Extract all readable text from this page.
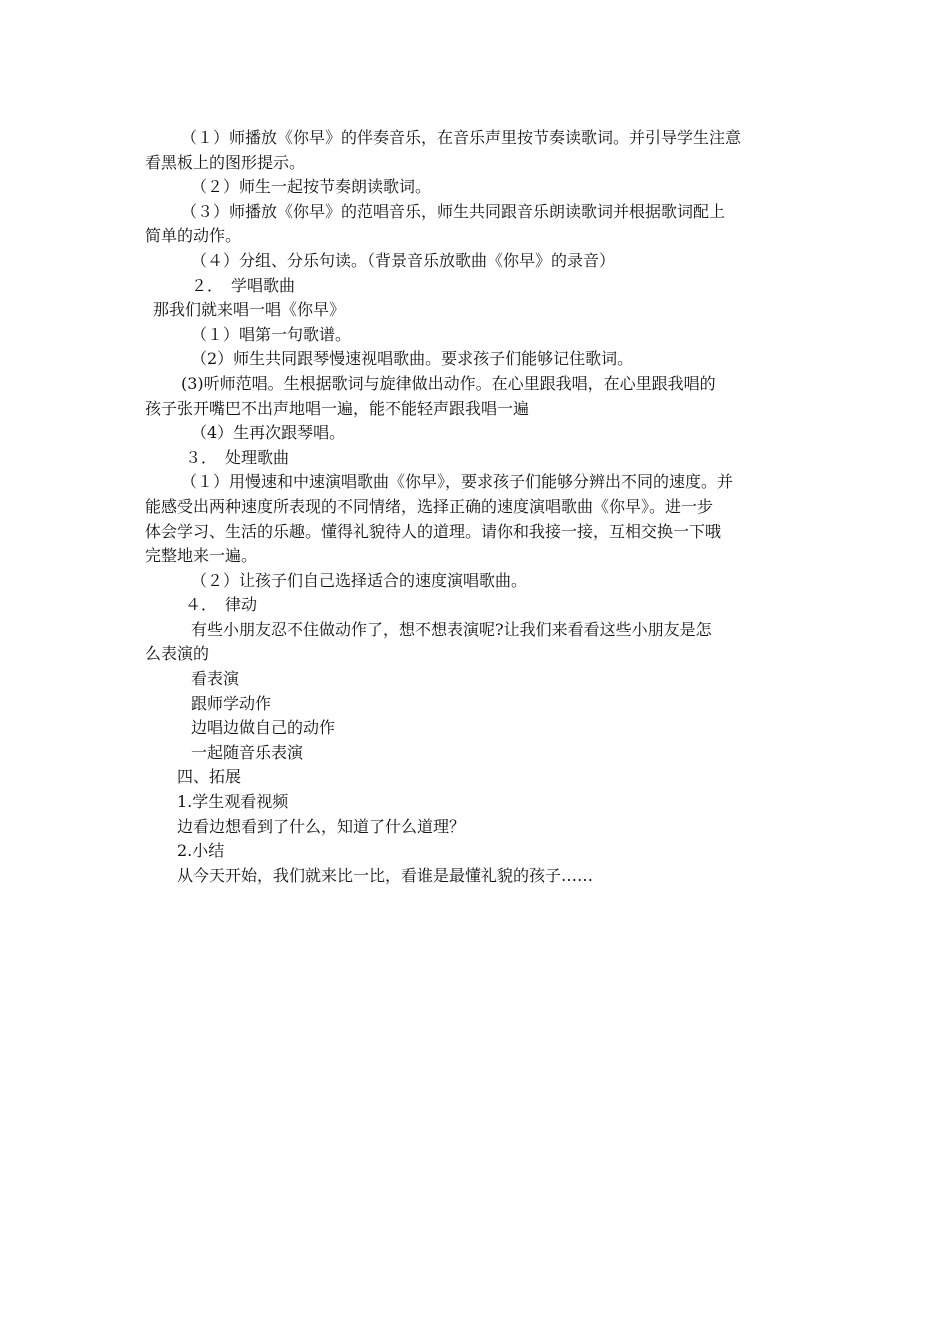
（１）师播放《你早》的伴奏音乐，在音乐声里按节奏读歌词。并引导学生注意

看黑板上的图形提示。

（２）师生一起按节奏朗读歌词。

（３）师播放《你早》的范唱音乐，师生共同跟音乐朗读歌词并根据歌词配上

简单的动作。

（４）分组、分乐句读。（背景音乐放歌曲《你早》的录音）

２．　学唱歌曲

那我们就来唱一唱《你早》

（１）唱第一句歌谱。

（2）师生共同跟琴慢速视唱歌曲。要求孩子们能够记住歌词。

(3)听师范唱。生根据歌词与旋律做出动作。在心里跟我唱，在心里跟我唱的

孩子张开嘴巴不出声地唱一遍，能不能轻声跟我唱一遍

（4）生再次跟琴唱。

３．　处理歌曲

（１）用慢速和中速演唱歌曲《你早》，要求孩子们能够分辨出不同的速度。并

能感受出两种速度所表现的不同情绪，选择正确的速度演唱歌曲《你早》。进一步

体会学习、生活的乐趣。懂得礼貌待人的道理。请你和我接一接，互相交换一下哦

完整地来一遍。

（２）让孩子们自己选择适合的速度演唱歌曲。

４．　律动

有些小朋友忍不住做动作了，想不想表演呢?让我们来看看这些小朋友是怎

么表演的

看表演

跟师学动作

边唱边做自己的动作

一起随音乐表演

四、拓展

1.学生观看视频

边看边想看到了什么，知道了什么道理？

2.小结

从今天开始，我们就来比一比，看谁是最懂礼貌的孩子……
